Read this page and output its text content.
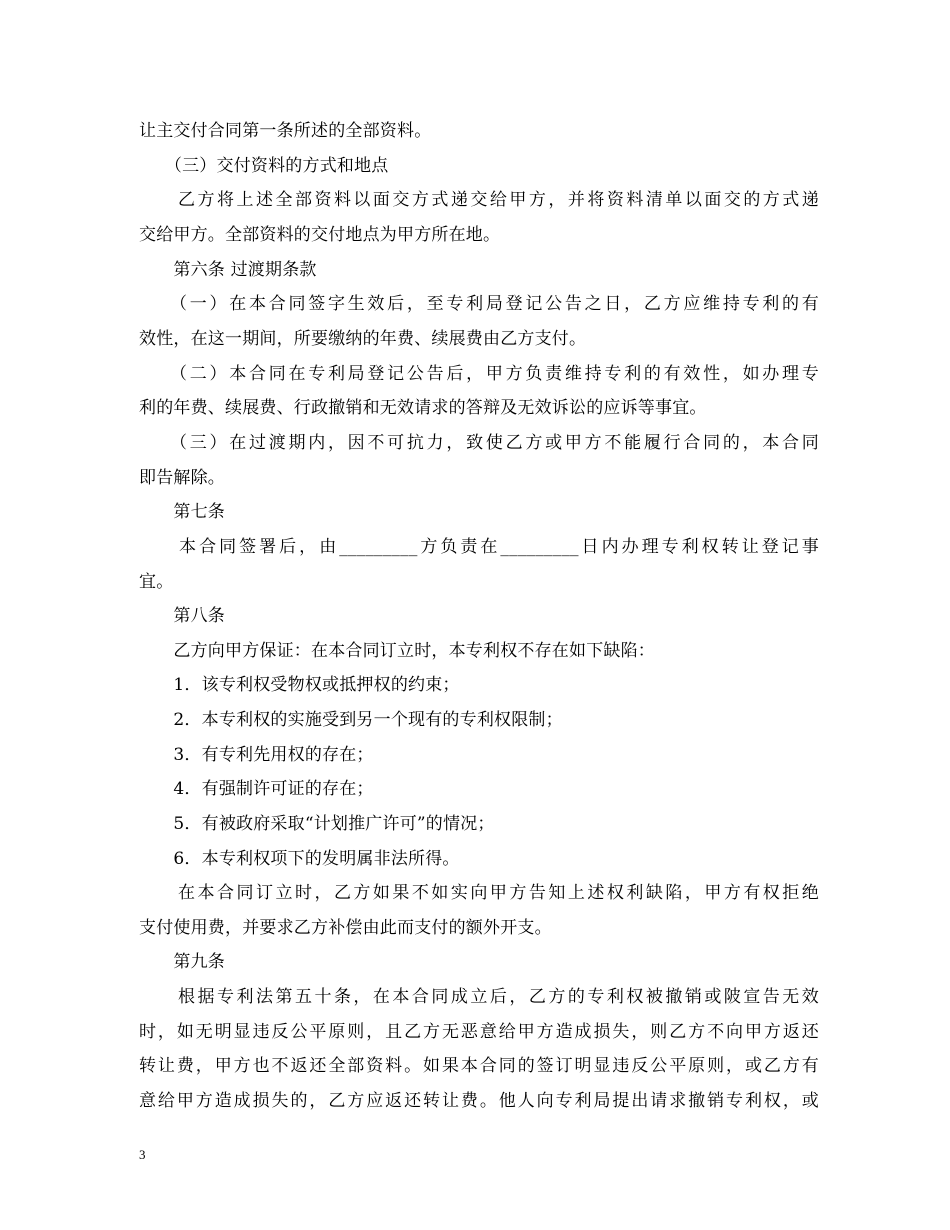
让主交付合同第一条所述的全部资料。
　　（三）交付资料的方式和地点
　　乙方将上述全部资料以面交方式递交给甲方，并将资料清单以面交的方式递
交给甲方。全部资料的交付地点为甲方所在地。
　　第六条 过渡期条款
　　（一）在本合同签字生效后，至专利局登记公告之日，乙方应维持专利的有
效性，在这一期间，所要缴纳的年费、续展费由乙方支付。
　　（二）本合同在专利局登记公告后，甲方负责维持专利的有效性，如办理专
利的年费、续展费、行政撤销和无效请求的答辩及无效诉讼的应诉等事宜。
　　（三）在过渡期内，因不可抗力，致使乙方或甲方不能履行合同的，本合同
即告解除。
　　第七条
　　本合同签署后，由_________方负责在_________日内办理专利权转让登记事
宜。
　　第八条
　　乙方向甲方保证：在本合同订立时，本专利权不存在如下缺陷：
　　1．该专利权受物权或抵押权的约束；
　　2．本专利权的实施受到另一个现有的专利权限制；
　　3．有专利先用权的存在；
　　4．有强制许可证的存在；
　　5．有被政府采取“计划推广许可”的情况；
　　6．本专利权项下的发明属非法所得。
　　在本合同订立时，乙方如果不如实向甲方告知上述权利缺陷，甲方有权拒绝
支付使用费，并要求乙方补偿由此而支付的额外开支。
　　第九条
　　根据专利法第五十条，在本合同成立后，乙方的专利权被撤销或陂宣告无效
时，如无明显违反公平原则，且乙方无恶意给甲方造成损失，则乙方不向甲方返还
转让费，甲方也不返还全部资料。如果本合同的签订明显违反公平原则，或乙方有
意给甲方造成损失的，乙方应返还转让费。他人向专利局提出请求撤销专利权，或
3
